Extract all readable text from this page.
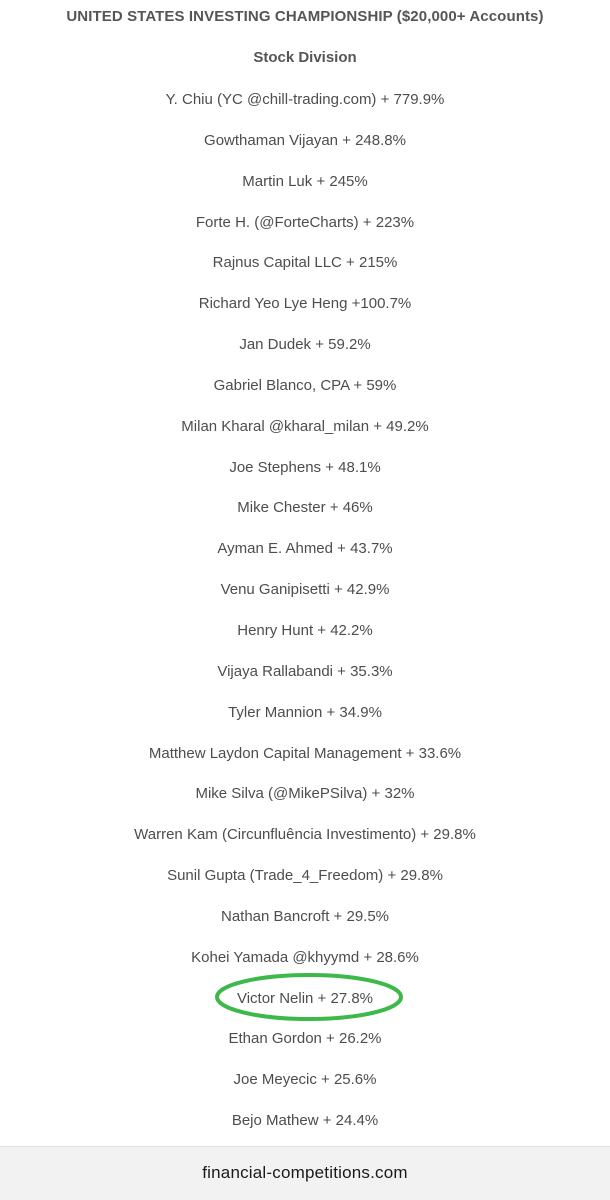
UNITED STATES INVESTING CHAMPIONSHIP ($20,000+ Accounts)
Stock Division
Y. Chiu (YC @chill-trading.com) + 779.9%
Gowthaman Vijayan + 248.8%
Martin Luk + 245%
Forte H. (@ForteCharts) + 223%
Rajnus Capital LLC + 215%
Richard Yeo Lye Heng +100.7%
Jan Dudek + 59.2%
Gabriel Blanco, CPA + 59%
Milan Kharal @kharal_milan + 49.2%
Joe Stephens + 48.1%
Mike Chester + 46%
Ayman E. Ahmed + 43.7%
Venu Ganipisetti + 42.9%
Henry Hunt + 42.2%
Vijaya Rallabandi + 35.3%
Tyler Mannion + 34.9%
Matthew Laydon Capital Management + 33.6%
Mike Silva (@MikePSilva) + 32%
Warren Kam (Circunfluência Investimento) + 29.8%
Sunil Gupta (Trade_4_Freedom) + 29.8%
Nathan Bancroft + 29.5%
Kohei Yamada @khyymd + 28.6%
Victor Nelin + 27.8%
Ethan Gordon + 26.2%
Joe Meyecic + 25.6%
Bejo Mathew + 24.4%
financial-competitions.com
